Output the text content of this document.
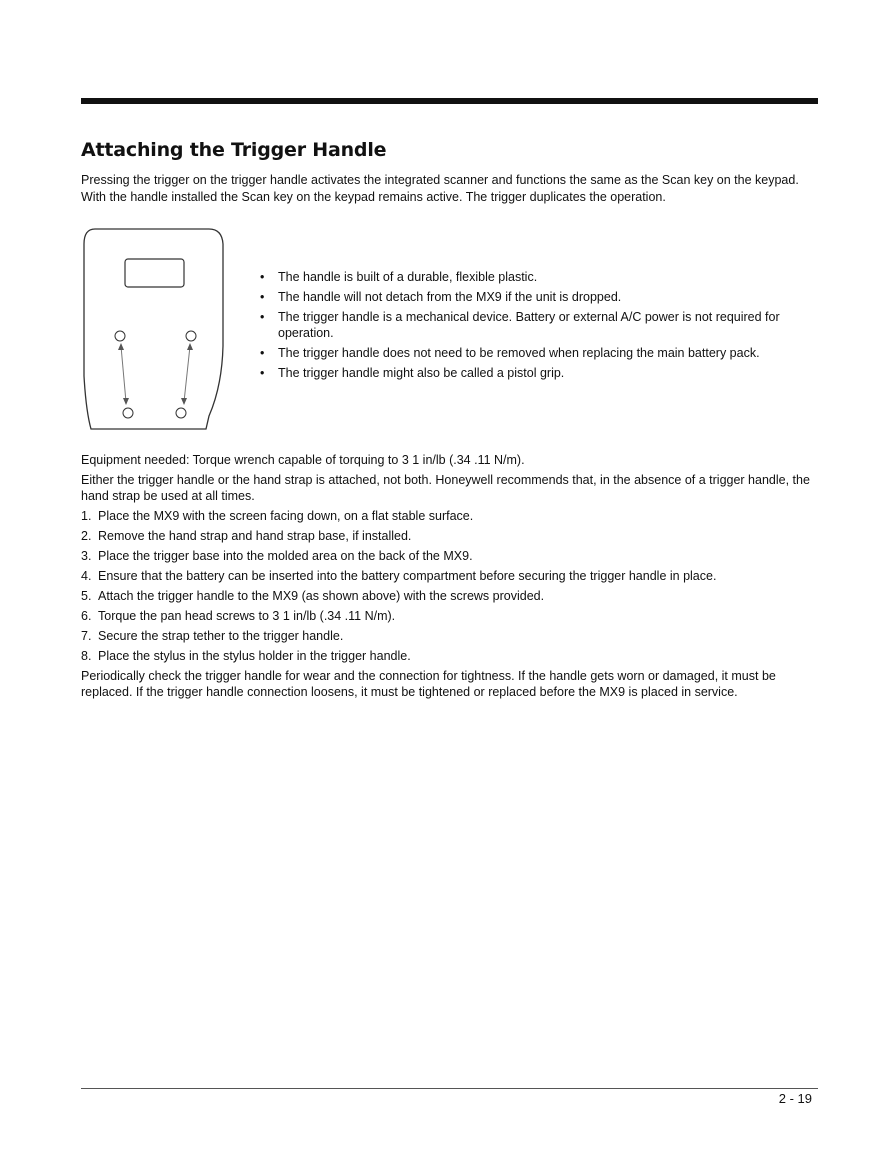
Attaching the Trigger Handle

Pressing the trigger on the trigger handle activates the integrated scanner and functions the same as the Scan key on the keypad. With the handle installed the Scan key on the keypad remains active. The trigger duplicates the operation.

• The handle is built of a durable, flexible plastic.
• The handle will not detach from the MX9 if the unit is dropped.
• The trigger handle is a mechanical device. Battery or external A/C power is not required for operation.
• The trigger handle does not need to be removed when replacing the main battery pack.
• The trigger handle might also be called a pistol grip.

Equipment needed: Torque wrench capable of torquing to 3 1 in/lb (.34 .11 N/m).

Either the trigger handle or the hand strap is attached, not both. Honeywell recommends that, in the absence of a trigger handle, the hand strap be used at all times.

1. Place the MX9 with the screen facing down, on a flat stable surface.
2. Remove the hand strap and hand strap base, if installed.
3. Place the trigger base into the molded area on the back of the MX9.
4. Ensure that the battery can be inserted into the battery compartment before securing the trigger handle in place.
5. Attach the trigger handle to the MX9 (as shown above) with the screws provided.
6. Torque the pan head screws to 3 1 in/lb (.34 .11 N/m).
7. Secure the strap tether to the trigger handle.
8. Place the stylus in the stylus holder in the trigger handle.

Periodically check the trigger handle for wear and the connection for tightness. If the handle gets worn or damaged, it must be replaced. If the trigger handle connection loosens, it must be tightened or replaced before the MX9 is placed in service.

2 - 19
